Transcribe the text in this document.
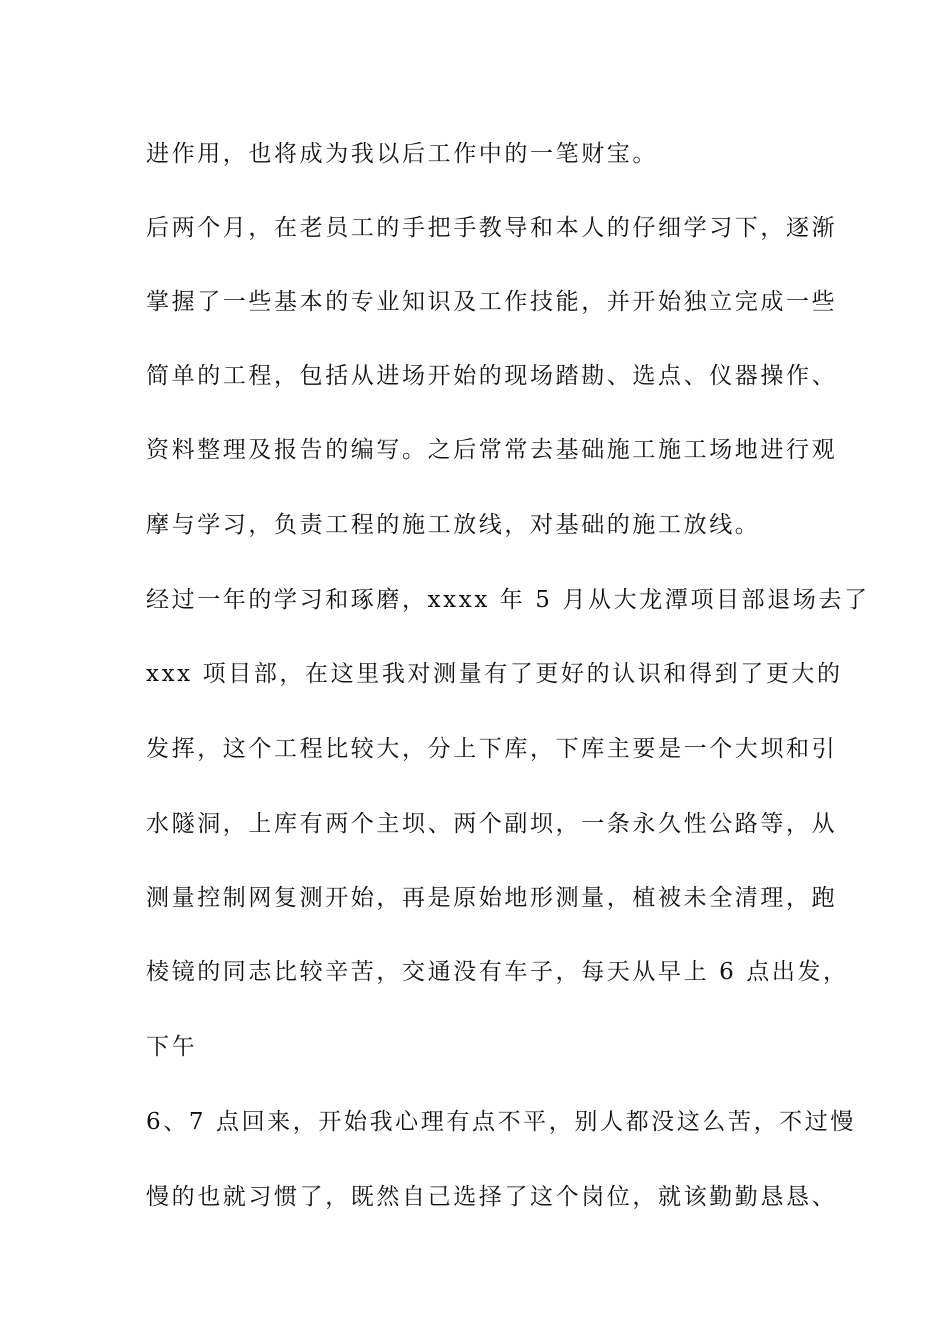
进作用，也将成为我以后工作中的一笔财宝。
后两个月，在老员工的手把手教导和本人的仔细学习下，逐渐
掌握了一些基本的专业知识及工作技能，并开始独立完成一些
简单的工程，包括从进场开始的现场踏勘、选点、仪器操作、
资料整理及报告的编写。之后常常去基础施工施工场地进行观
摩与学习，负责工程的施工放线，对基础的施工放线。
经过一年的学习和琢磨，xxxx 年 5 月从大龙潭项目部退场去了
xxx 项目部，在这里我对测量有了更好的认识和得到了更大的
发挥，这个工程比较大，分上下库，下库主要是一个大坝和引
水隧洞，上库有两个主坝、两个副坝，一条永久性公路等，从
测量控制网复测开始，再是原始地形测量，植被未全清理，跑
棱镜的同志比较辛苦，交通没有车子，每天从早上 6 点出发，
下午
6、7 点回来，开始我心理有点不平，别人都没这么苦，不过慢
慢的也就习惯了，既然自己选择了这个岗位，就该勤勤恳恳、
